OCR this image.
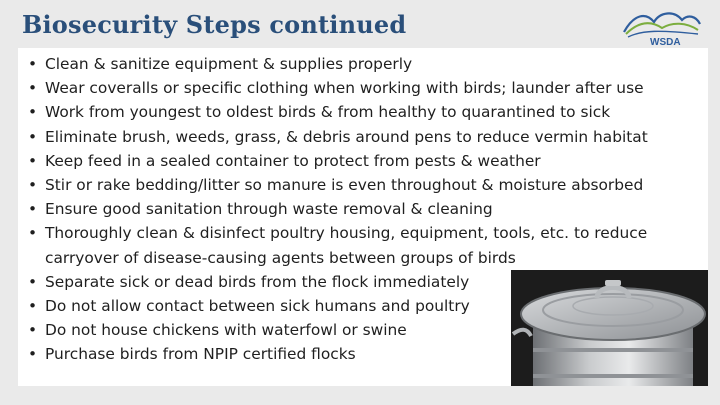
Biosecurity Steps continued
WSDA
• Clean & sanitize equipment & supplies properly
• Wear coveralls or specific clothing when working with birds; launder after use
• Work from youngest to oldest birds & from healthy to quarantined to sick
• Eliminate brush, weeds, grass, & debris around pens to reduce vermin habitat
• Keep feed in a sealed container to protect from pests & weather
• Stir or rake bedding/litter so manure is even throughout & moisture absorbed
• Ensure good sanitation through waste removal & cleaning
• Thoroughly clean & disinfect poultry housing, equipment, tools, etc. to reduce
carryover of disease-causing agents between groups of birds
• Separate sick or dead birds from the flock immediately
• Do not allow contact between sick humans and poultry
• Do not house chickens with waterfowl or swine
• Purchase birds from NPIP certified flocks
